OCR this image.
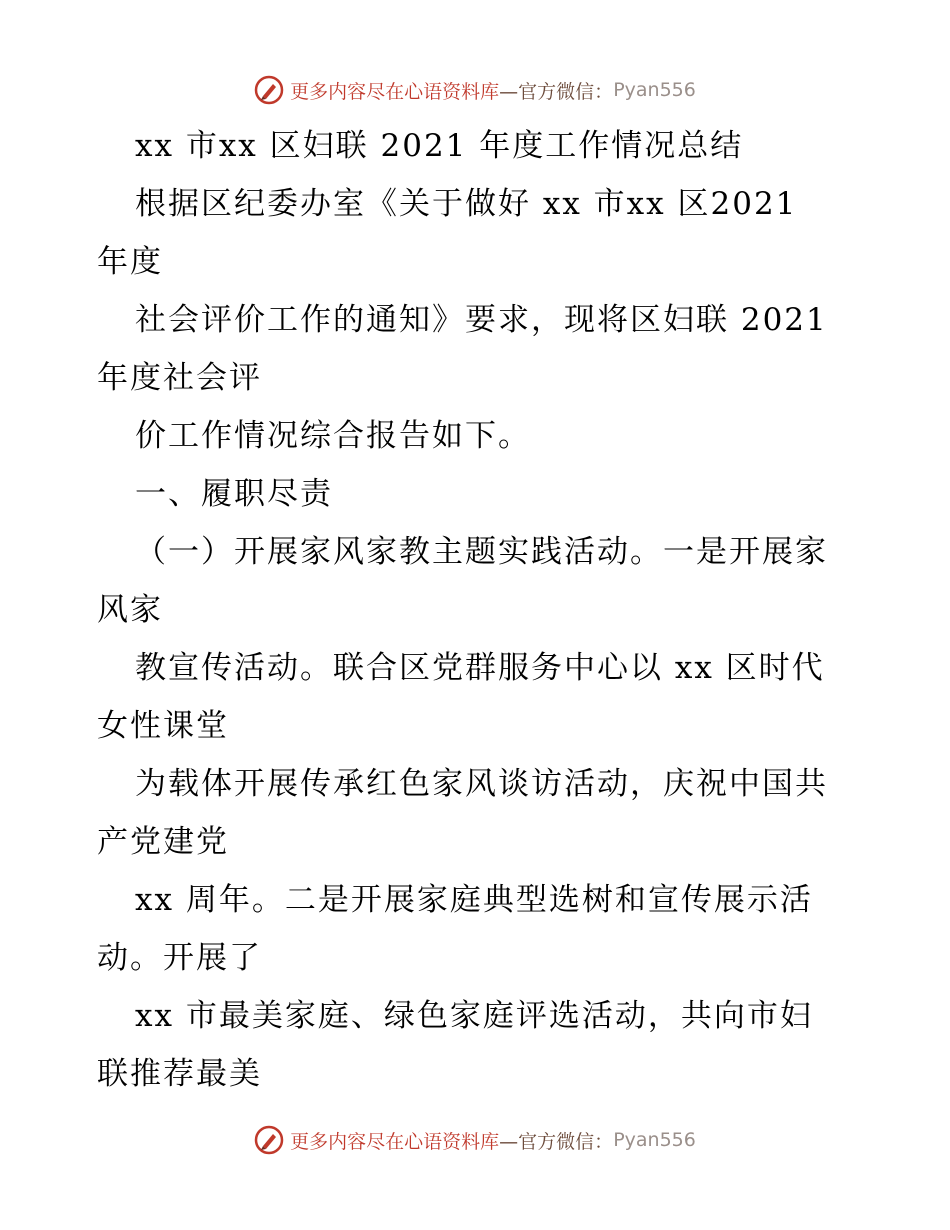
更多内容尽在心语资料库 —官方微信： Pyan556
xx 市xx 区妇联 2021 年度工作情况总结
根据区纪委办室《关于做好 xx 市xx 区2021
年度
社会评价工作的通知》要求，现将区妇联 2021
年度社会评
价工作情况综合报告如下。
一、履职尽责
（一）开展家风家教主题实践活动。一是开展家
风家
教宣传活动。联合区党群服务中心以 xx 区时代
女性课堂
为载体开展传承红色家风谈访活动，庆祝中国共
产党建党
xx 周年。二是开展家庭典型选树和宣传展示活
动。开展了
xx 市最美家庭、绿色家庭评选活动，共向市妇
联推荐最美
更多内容尽在心语资料库 —官方微信： Pyan556
